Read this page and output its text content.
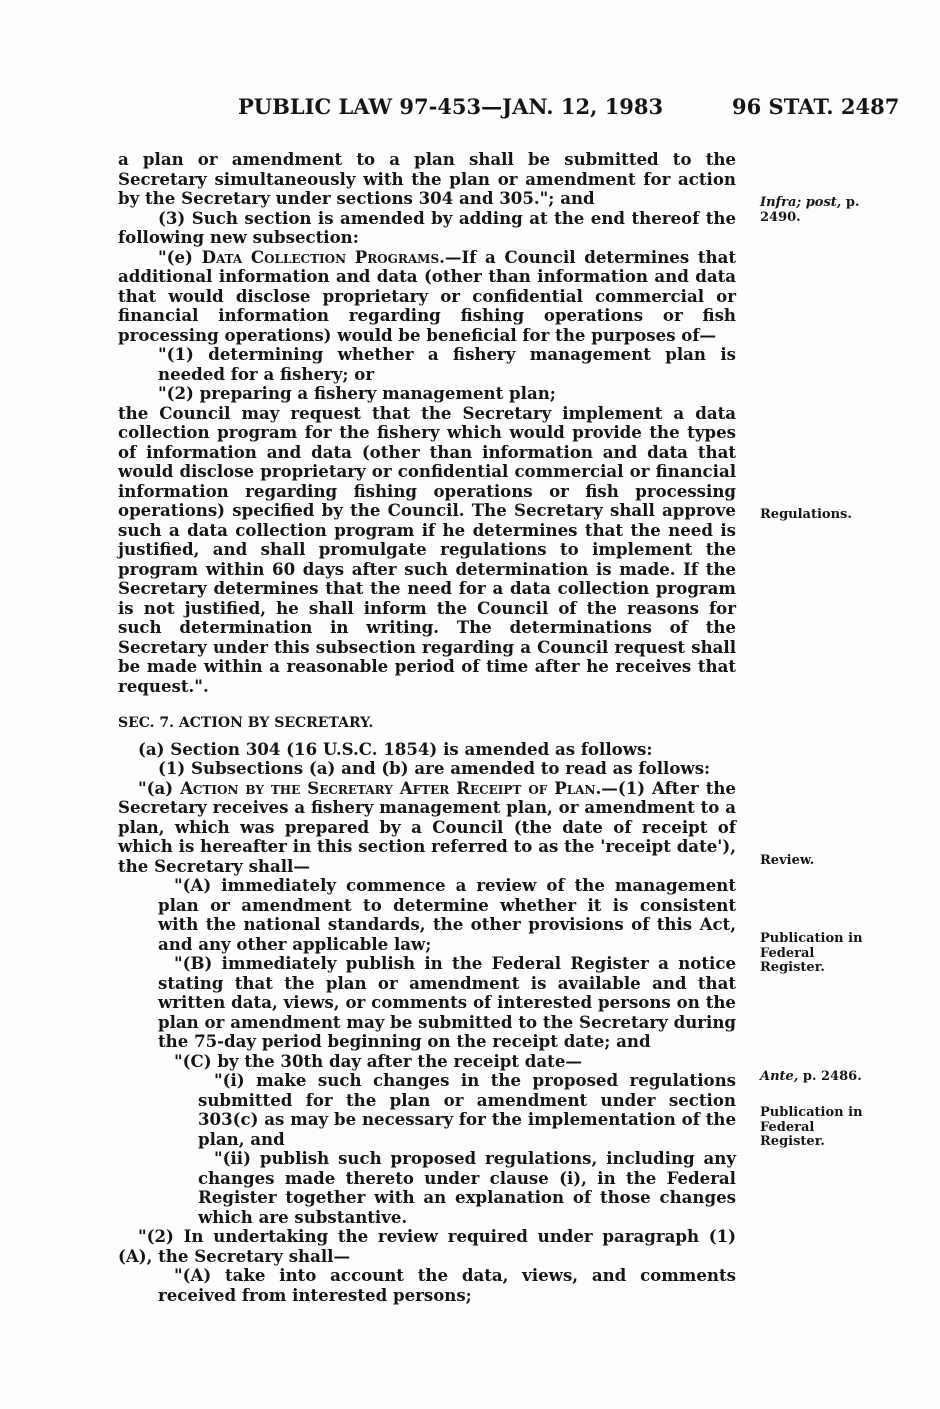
PUBLIC LAW 97-453—JAN. 12, 1983	96 STAT. 2487

a plan or amendment to a plan shall be submitted to the Secretary simultaneously with the plan or amendment for action by the Secretary under sections 304 and 305."; and

(3) Such section is amended by adding at the end thereof the following new subsection:

"(e) Data Collection Programs.—If a Council determines that additional information and data (other than information and data that would disclose proprietary or confidential commercial or financial information regarding fishing operations or fish processing operations) would be beneficial for the purposes of—

"(1) determining whether a fishery management plan is needed for a fishery; or

"(2) preparing a fishery management plan;

the Council may request that the Secretary implement a data collection program for the fishery which would provide the types of information and data (other than information and data that would disclose proprietary or confidential commercial or financial information regarding fishing operations or fish processing operations) specified by the Council. The Secretary shall approve such a data collection program if he determines that the need is justified, and shall promulgate regulations to implement the program within 60 days after such determination is made. If the Secretary determines that the need for a data collection program is not justified, he shall inform the Council of the reasons for such determination in writing. The determinations of the Secretary under this subsection regarding a Council request shall be made within a reasonable period of time after he receives that request.".

SEC. 7. ACTION BY SECRETARY.

(a) Section 304 (16 U.S.C. 1854) is amended as follows:

(1) Subsections (a) and (b) are amended to read as follows:

"(a) Action by the Secretary After Receipt of Plan.—(1) After the Secretary receives a fishery management plan, or amendment to a plan, which was prepared by a Council (the date of receipt of which is hereafter in this section referred to as the 'receipt date'), the Secretary shall—

"(A) immediately commence a review of the management plan or amendment to determine whether it is consistent with the national standards, the other provisions of this Act, and any other applicable law;

"(B) immediately publish in the Federal Register a notice stating that the plan or amendment is available and that written data, views, or comments of interested persons on the plan or amendment may be submitted to the Secretary during the 75-day period beginning on the receipt date; and

"(C) by the 30th day after the receipt date—

"(i) make such changes in the proposed regulations submitted for the plan or amendment under section 303(c) as may be necessary for the implementation of the plan, and

"(ii) publish such proposed regulations, including any changes made thereto under clause (i), in the Federal Register together with an explanation of those changes which are substantive.

"(2) In undertaking the review required under paragraph (1)(A), the Secretary shall—

"(A) take into account the data, views, and comments received from interested persons;

Infra; post, p. 2490.
Regulations.
Review.
Publication in Federal Register.
Ante, p. 2486.
Publication in Federal Register.
